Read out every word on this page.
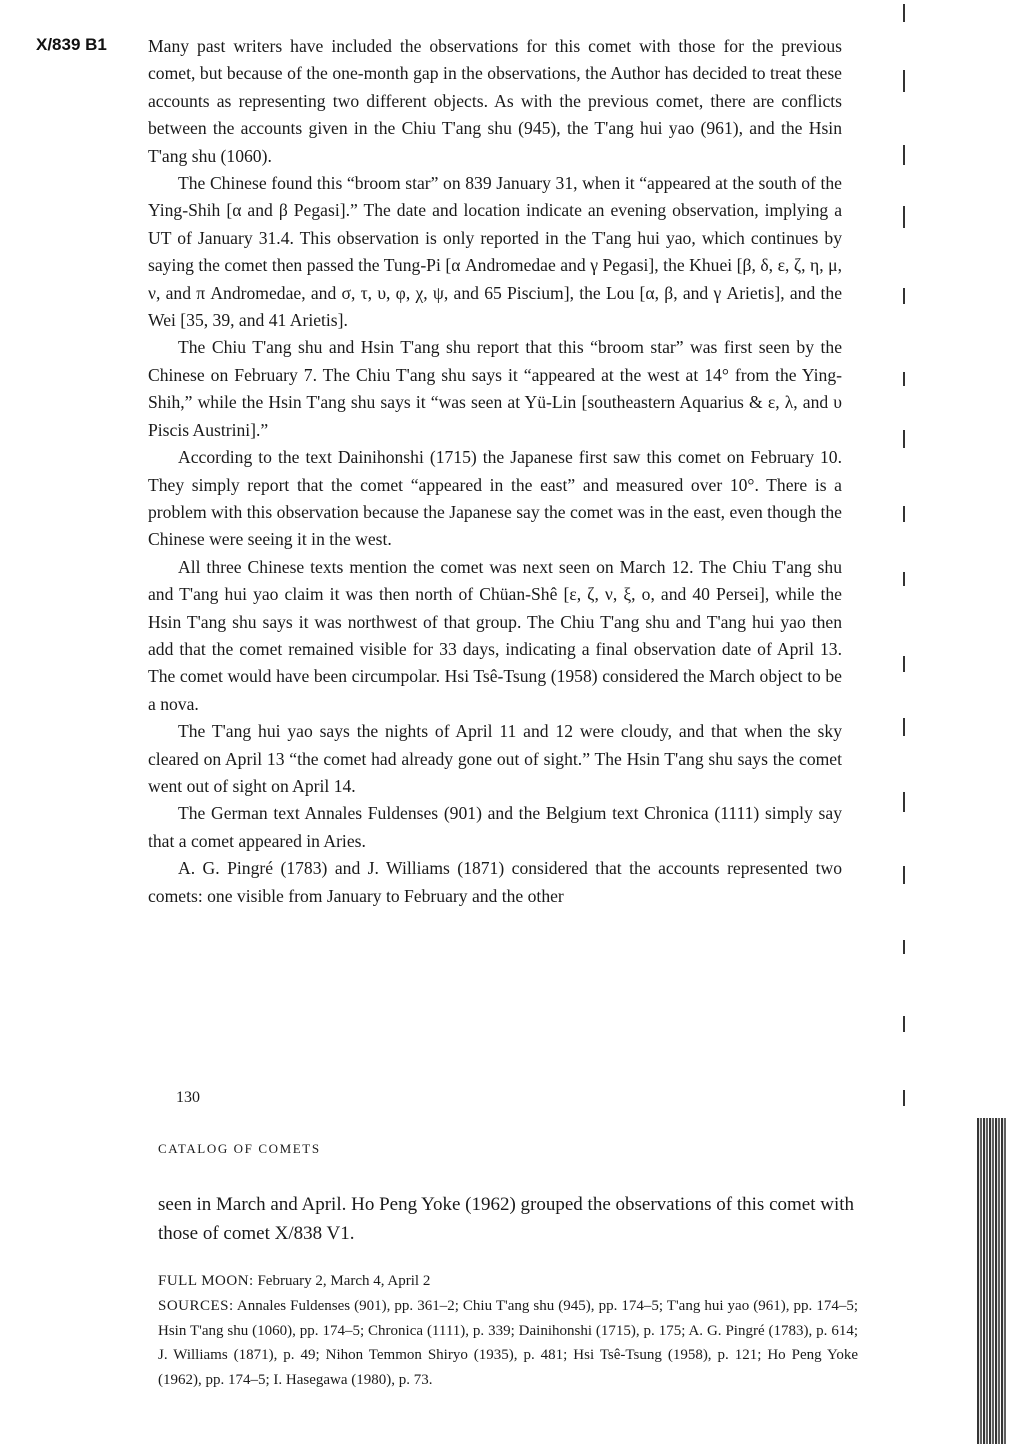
X/839 B1 Many past writers have included the observations for this comet with those for the previous comet, but because of the one-month gap in the observations, the Author has decided to treat these accounts as representing two different objects. As with the previous comet, there are conflicts between the accounts given in the Chiu T'ang shu (945), the T'ang hui yao (961), and the Hsin T'ang shu (1060).

The Chinese found this “broom star” on 839 January 31, when it “appeared at the south of the Ying-Shih [α and β Pegasi].” The date and location indicate an evening observation, implying a UT of January 31.4. This observation is only reported in the T'ang hui yao, which continues by saying the comet then passed the Tung-Pi [α Andromedae and γ Pegasi], the Khuei [β, δ, ε, ζ, η, μ, ν, and π Andromedae, and σ, τ, υ, φ, χ, ψ, and 65 Piscium], the Lou [α, β, and γ Arietis], and the Wei [35, 39, and 41 Arietis].

The Chiu T'ang shu and Hsin T'ang shu report that this “broom star” was first seen by the Chinese on February 7. The Chiu T'ang shu says it “appeared at the west at 14° from the Ying-Shih,” while the Hsin T'ang shu says it “was seen at Yü-Lin [southeastern Aquarius & ε, λ, and υ Piscis Austrini].”

According to the text Dainihonshi (1715) the Japanese first saw this comet on February 10. They simply report that the comet “appeared in the east” and measured over 10°. There is a problem with this observation because the Japanese say the comet was in the east, even though the Chinese were seeing it in the west.

All three Chinese texts mention the comet was next seen on March 12. The Chiu T'ang shu and T'ang hui yao claim it was then north of Chüan-Shê [ε, ζ, ν, ξ, o, and 40 Persei], while the Hsin T'ang shu says it was northwest of that group. The Chiu T'ang shu and T'ang hui yao then add that the comet remained visible for 33 days, indicating a final observation date of April 13. The comet would have been circumpolar. Hsi Tsê-Tsung (1958) considered the March object to be a nova.

The T'ang hui yao says the nights of April 11 and 12 were cloudy, and that when the sky cleared on April 13 “the comet had already gone out of sight.” The Hsin T'ang shu says the comet went out of sight on April 14.

The German text Annales Fuldenses (901) and the Belgium text Chronica (1111) simply say that a comet appeared in Aries.

A. G. Pingré (1783) and J. Williams (1871) considered that the accounts represented two comets: one visible from January to February and the other

130
CATALOG OF COMETS

seen in March and April. Ho Peng Yoke (1962) grouped the observations of this comet with those of comet X/838 V1.

FULL MOON: February 2, March 4, April 2

SOURCES: Annales Fuldenses (901), pp. 361–2; Chiu T'ang shu (945), pp. 174–5; T'ang hui yao (961), pp. 174–5; Hsin T'ang shu (1060), pp. 174–5; Chronica (1111), p. 339; Dainihonshi (1715), p. 175; A. G. Pingré (1783), p. 614; J. Williams (1871), p. 49; Nihon Temmon Shiryo (1935), p. 481; Hsi Tsê-Tsung (1958), p. 121; Ho Peng Yoke (1962), pp. 174–5; I. Hasegawa (1980), p. 73.
